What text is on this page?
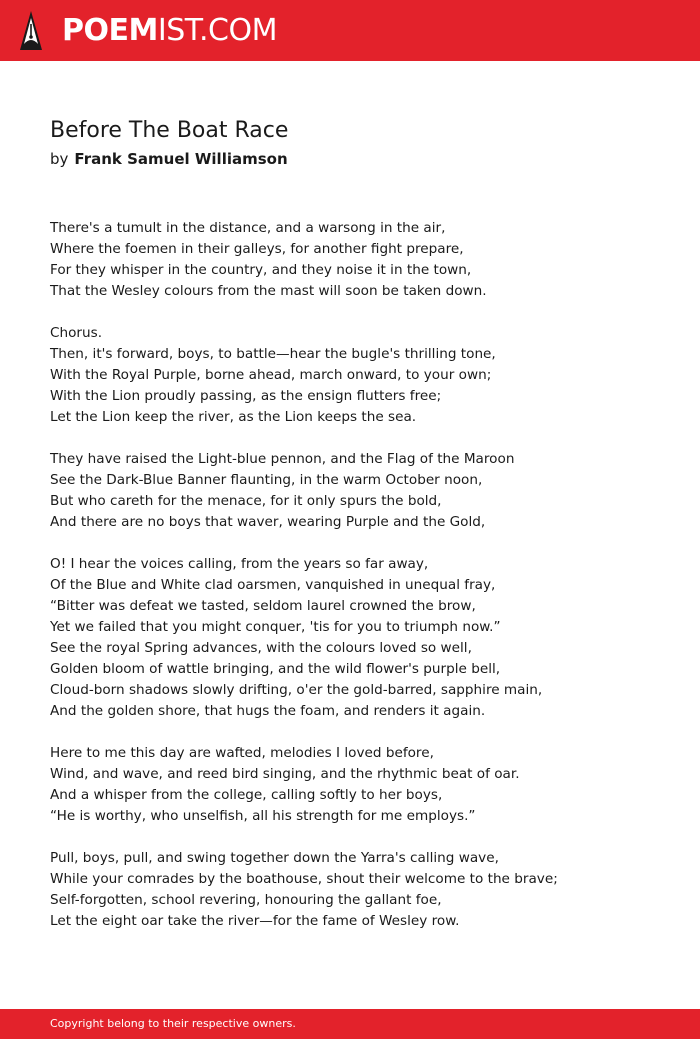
POEMIST.COM
Before The Boat Race
by Frank Samuel Williamson

There's a tumult in the distance, and a warsong in the air,
Where the foemen in their galleys, for another fight prepare,
For they whisper in the country, and they noise it in the town,
That the Wesley colours from the mast will soon be taken down.

Chorus.
Then, it's forward, boys, to battle—hear the bugle's thrilling tone,
With the Royal Purple, borne ahead, march onward, to your own;
With the Lion proudly passing, as the ensign flutters free;
Let the Lion keep the river, as the Lion keeps the sea.

They have raised the Light-blue pennon, and the Flag of the Maroon
See the Dark-Blue Banner flaunting, in the warm October noon,
But who careth for the menace, for it only spurs the bold,
And there are no boys that waver, wearing Purple and the Gold,

O! I hear the voices calling, from the years so far away,
Of the Blue and White clad oarsmen, vanquished in unequal fray,
“Bitter was defeat we tasted, seldom laurel crowned the brow,
Yet we failed that you might conquer, 'tis for you to triumph now.”
See the royal Spring advances, with the colours loved so well,
Golden bloom of wattle bringing, and the wild flower's purple bell,
Cloud-born shadows slowly drifting, o'er the gold-barred, sapphire main,
And the golden shore, that hugs the foam, and renders it again.

Here to me this day are wafted, melodies I loved before,
Wind, and wave, and reed bird singing, and the rhythmic beat of oar.
And a whisper from the college, calling softly to her boys,
“He is worthy, who unselfish, all his strength for me employs.”

Pull, boys, pull, and swing together down the Yarra's calling wave,
While your comrades by the boathouse, shout their welcome to the brave;
Self-forgotten, school revering, honouring the gallant foe,
Let the eight oar take the river—for the fame of Wesley row.

Copyright belong to their respective owners.
